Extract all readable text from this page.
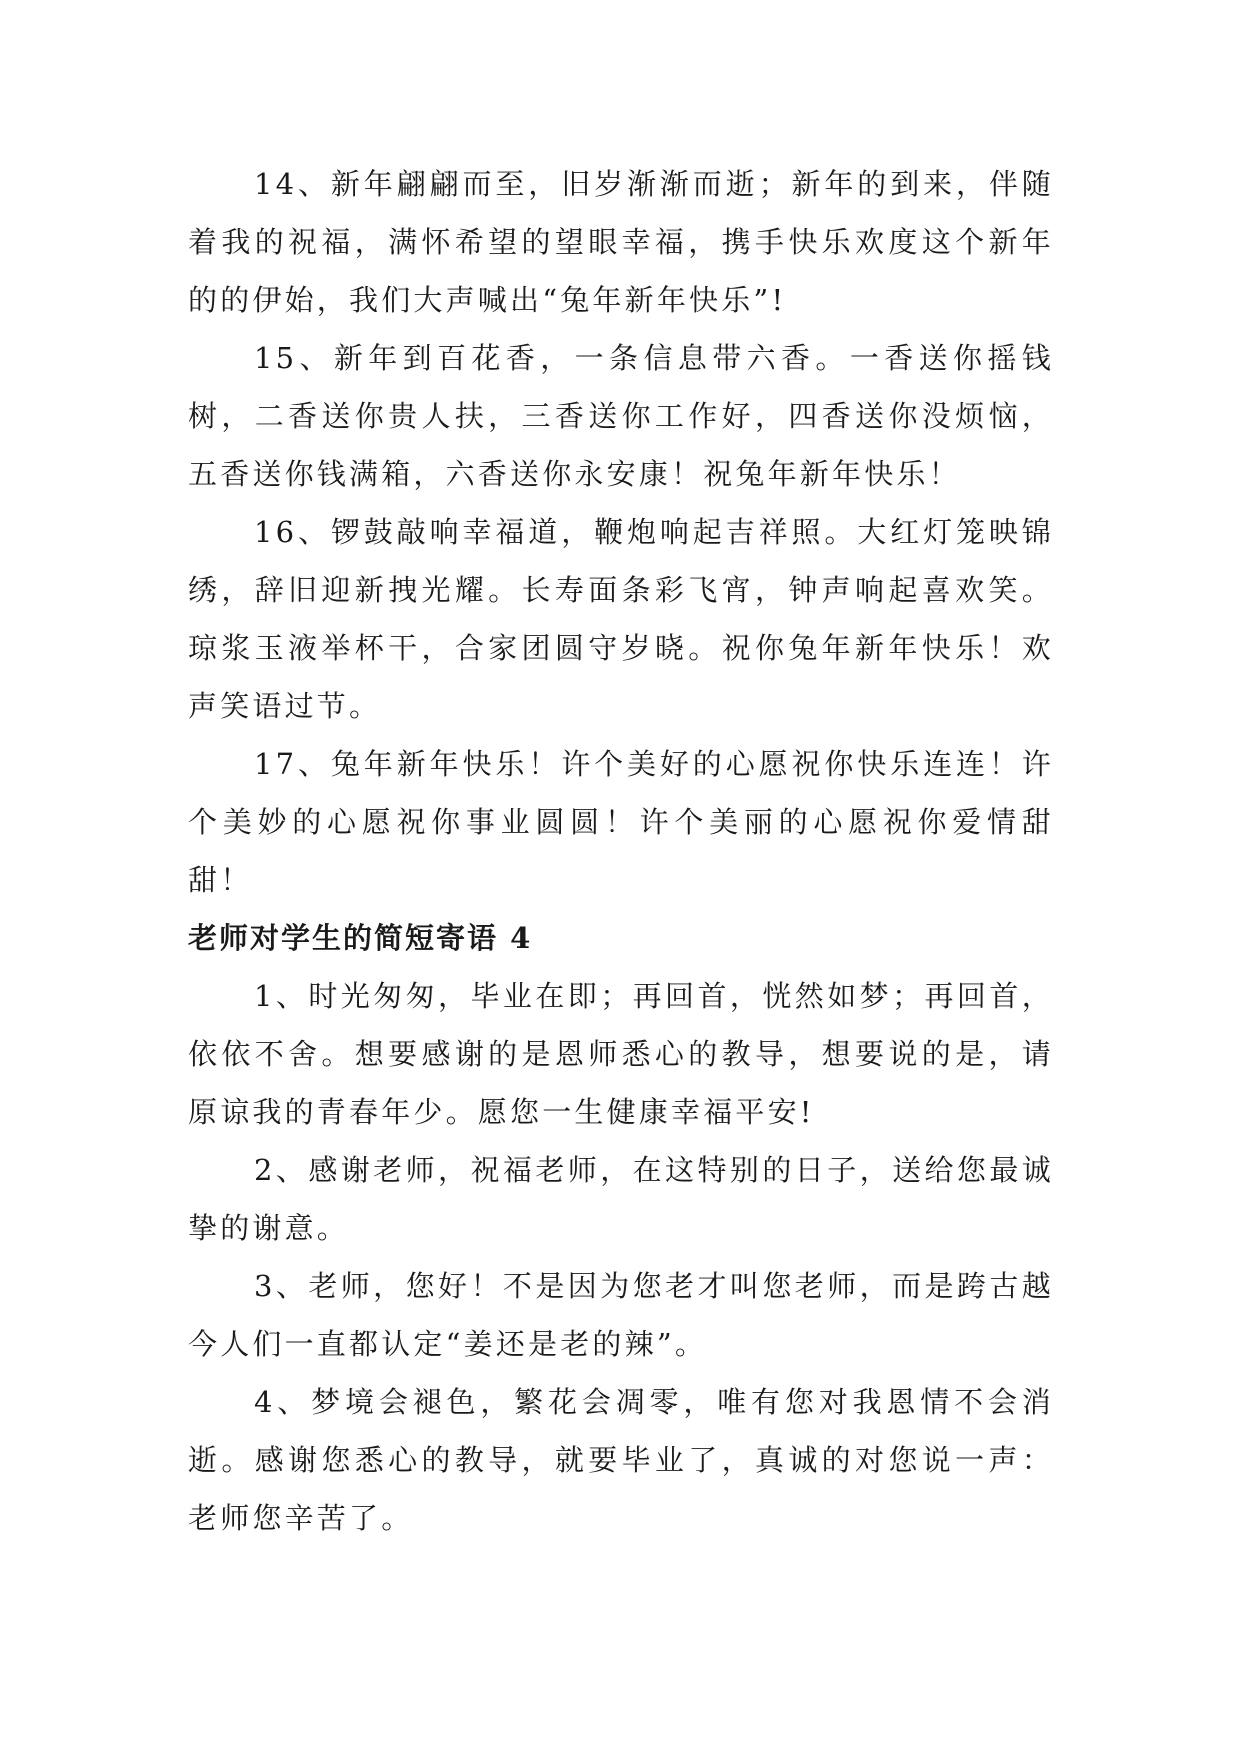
14、新年翩翩而至，旧岁渐渐而逝；新年的到来，伴随着我的祝福，满怀希望的望眼幸福，携手快乐欢度这个新年的的伊始，我们大声喊出“兔年新年快乐”!

15、新年到百花香，一条信息带六香。一香送你摇钱树，二香送你贵人扶，三香送你工作好，四香送你没烦恼，五香送你钱满箱，六香送你永安康！祝兔年新年快乐！

16、锣鼓敲响幸福道，鞭炮响起吉祥照。大红灯笼映锦绣，辞旧迎新拽光耀。长寿面条彩飞宵，钟声响起喜欢笑。琼浆玉液举杯干，合家团圆守岁晓。祝你兔年新年快乐！欢声笑语过节。

17、兔年新年快乐！许个美好的心愿祝你快乐连连！许个美妙的心愿祝你事业圆圆！许个美丽的心愿祝你爱情甜甜！

老师对学生的简短寄语 4

1、时光匆匆，毕业在即；再回首，恍然如梦；再回首，依依不舍。想要感谢的是恩师悉心的教导，想要说的是，请原谅我的青春年少。愿您一生健康幸福平安!

2、感谢老师，祝福老师，在这特别的日子，送给您最诚挚的谢意。

3、老师，您好！不是因为您老才叫您老师，而是跨古越今人们一直都认定“姜还是老的辣”。

4、梦境会褪色，繁花会凋零，唯有您对我恩情不会消逝。感谢您悉心的教导，就要毕业了，真诚的对您说一声：老师您辛苦了。
